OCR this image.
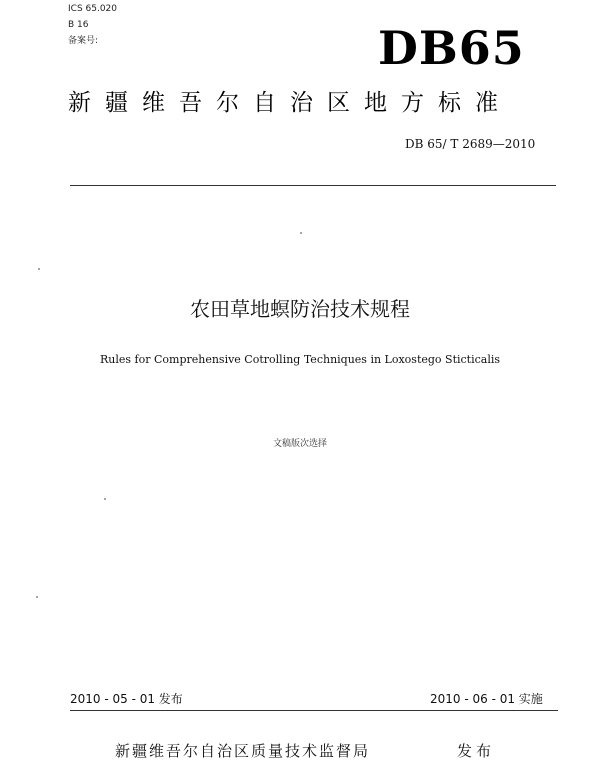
ICS 65.020
B 16
备案号:	DB65
新疆维吾尔自治区地方标准
DB 65/ T 2689—2010
农田草地螟防治技术规程
Rules for Comprehensive Cotrolling Techniques in Loxostego Sticticalis
文稿版次选择
2010 - 05 - 01 发布	2010 - 06 - 01 实施
新疆维吾尔自治区质量技术监督局	发布
